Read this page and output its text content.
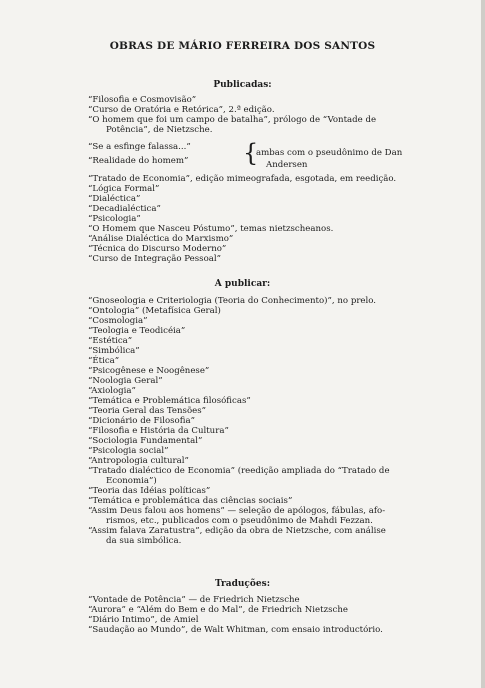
OBRAS DE MÁRIO FERREIRA DOS SANTOS
Publicadas:
“Filosofia e Cosmovisão”
“Curso de Oratória e Retórica”, 2.ª edição.
“O homem que foi um campo de batalha”, prólogo de “Vontade de
Potência”, de Nietzsche.
“Se a esfinge falassa...” {
ambas com o pseudônimo de Dan
“Realidade do homem”	Andersen
“Tratado de Economia”, edição mimeografada, esgotada, em reedição.
“Lógica Formal”
“Dialéctica”
“Decadialéctica”
“Psicologia”
“O Homem que Nasceu Póstumo”, temas nietzscheanos.
“Análise Dialéctica do Marxismo”
“Técnica do Discurso Moderno”
“Curso de Integração Pessoal”
A publicar:
“Gnoseologia e Criteriologia (Teoria do Conhecimento)”, no prelo.
“Ontologia” (Metafísica Geral)
“Cosmologia”
“Teologia e Teodicéia”
“Estética”
“Simbólica”
“Ética”
“Psicogênese e Noogênese”
“Noologia Geral”
“Axiologia”
“Temática e Problemática filosóficas”
“Teoria Geral das Tensões”
“Dicionário de Filosofia”
“Filosofia e História da Cultura”
“Sociologia Fundamental”
“Psicologia social”
“Antropologia cultural”
“Tratado dialéctico de Economia” (reedição ampliada do “Tratado de
Economia”)
“Teoria das Idéias políticas”
“Temática e problemática das ciências sociais”
“Assim Deus falou aos homens” — seleção de apólogos, fábulas, afo-
rismos, etc., publicados com o pseudônimo de Mahdi Fezzan.
“Assim falava Zaratustra”, edição da obra de Nietzsche, com análise
da sua simbólica.
Traduções:
“Vontade de Potência” — de Friedrich Nietzsche
“Aurora” e “Além do Bem e do Mal”, de Friedrich Nietzsche
“Diário Intimo”, de Amiel
“Saudação ao Mundo”, de Walt Whitman, com ensaio introductório.
